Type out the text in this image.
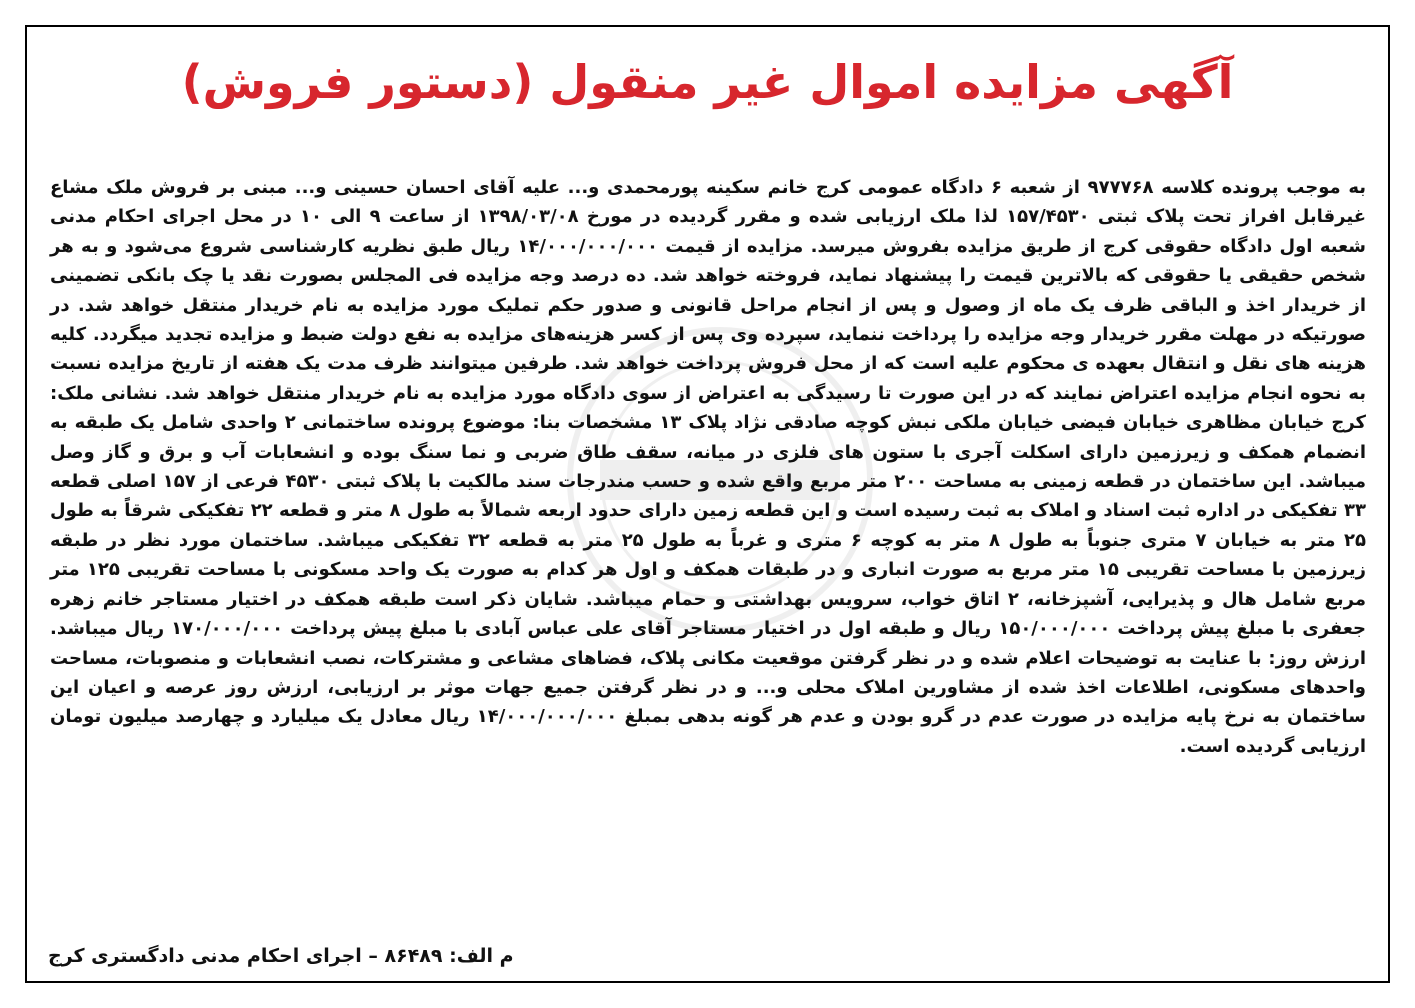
آگهی مزایده اموال غیر منقول (دستور فروش)
به موجب پرونده کلاسه ۹۷۷۷۶۸ از شعبه ۶ دادگاه عمومی کرج خانم سکینه پورمحمدی و... علیه آقای احسان حسینی و... مبنی بر فروش ملک مشاع غیرقابل افراز تحت پلاک ثبتی ۱۵۷/۴۵۳۰ لذا ملک ارزیابی شده و مقرر گردیده در مورخ ۱۳۹۸/۰۳/۰۸ از ساعت ۹ الی ۱۰ در محل اجرای احکام مدنی شعبه اول دادگاه حقوقی کرج از طریق مزایده بفروش میرسد. مزایده از قیمت ۱۴/۰۰۰/۰۰۰/۰۰۰ ریال طبق نظریه کارشناسی شروع می‌شود و به هر شخص حقیقی یا حقوقی که بالاترین قیمت را پیشنهاد نماید، فروخته خواهد شد. ده درصد وجه مزایده فی المجلس بصورت نقد یا چک بانکی تضمینی از خریدار اخذ و الباقی ظرف یک ماه از وصول و پس از انجام مراحل قانونی و صدور حکم تملیک مورد مزایده به نام خریدار منتقل خواهد شد. در صورتیکه در مهلت مقرر خریدار وجه مزایده را پرداخت ننماید، سپرده وی پس از کسر هزینه‌های مزایده به نفع دولت ضبط و مزایده تجدید میگردد. کلیه هزینه های نقل و انتقال بعهده ی محکوم علیه است که از محل فروش پرداخت خواهد شد. طرفین میتوانند ظرف مدت یک هفته از تاریخ مزایده نسبت به نحوه انجام مزایده اعتراض نمایند که در این صورت تا رسیدگی به اعتراض از سوی دادگاه مورد مزایده به نام خریدار منتقل خواهد شد. نشانی ملک: کرج خیابان مظاهری خیابان فیضی خیابان ملکی نبش کوچه صادقی نژاد پلاک ۱۳ مشخصات بنا: موضوع پرونده ساختمانی ۲ واحدی شامل یک طبقه به انضمام همکف و زیرزمین دارای اسکلت آجری با ستون های فلزی در میانه، سقف طاق ضربی و نما سنگ بوده و انشعابات آب و برق و گاز وصل میباشد. این ساختمان در قطعه زمینی به مساحت ۲۰۰ متر مربع واقع شده و حسب مندرجات سند مالکیت با پلاک ثبتی ۴۵۳۰ فرعی از ۱۵۷ اصلی قطعه ۳۳ تفکیکی در اداره ثبت اسناد و املاک به ثبت رسیده است و این قطعه زمین دارای حدود اربعه شمالاً به طول ۸ متر و قطعه ۲۲ تفکیکی شرقاً به طول ۲۵ متر به خیابان ۷ متری جنوباً به طول ۸ متر به کوچه ۶ متری و غرباً به طول ۲۵ متر به قطعه ۳۲ تفکیکی میباشد. ساختمان مورد نظر در طبقه زیرزمین با مساحت تقریبی ۱۵ متر مربع به صورت انباری و در طبقات همکف و اول هر کدام به صورت یک واحد مسکونی با مساحت تقریبی ۱۲۵ متر مربع شامل هال و پذیرایی، آشپزخانه، ۲ اتاق خواب، سرویس بهداشتی و حمام میباشد. شایان ذکر است طبقه همکف در اختیار مستاجر خانم زهره جعفری با مبلغ پیش پرداخت ۱۵۰/۰۰۰/۰۰۰ ریال و طبقه اول در اختیار مستاجر آقای علی عباس آبادی با مبلغ پیش پرداخت ۱۷۰/۰۰۰/۰۰۰ ریال میباشد. ارزش روز: با عنایت به توضیحات اعلام شده و در نظر گرفتن موقعیت مکانی پلاک، فضاهای مشاعی و مشترکات، نصب انشعابات و منصوبات، مساحت واحدهای مسکونی، اطلاعات اخذ شده از مشاورین املاک محلی و... و در نظر گرفتن جمیع جهات موثر بر ارزیابی، ارزش روز عرصه و اعیان این ساختمان به نرخ پایه مزایده در صورت عدم در گرو بودن و عدم هر گونه بدهی بمبلغ ۱۴/۰۰۰/۰۰۰/۰۰۰ ریال معادل یک میلیارد و چهارصد میلیون تومان ارزیابی گردیده است.
م الف: ۸۶۴۸۹ – اجرای احکام مدنی دادگستری کرج
